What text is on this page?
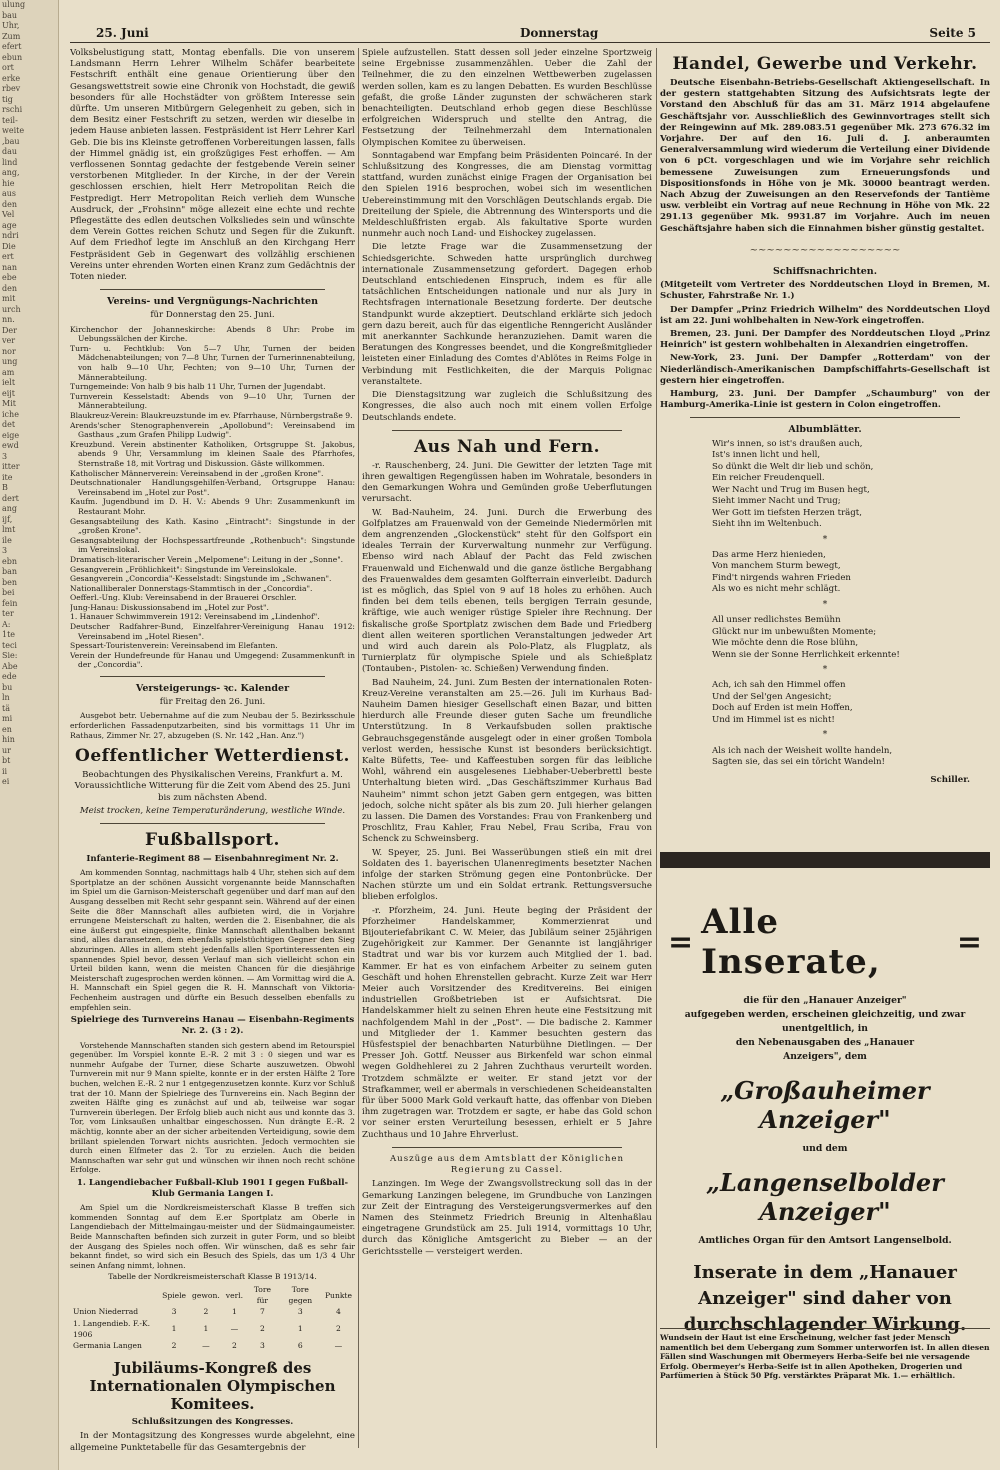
ulung
bau
Uhr,
Zum
efert
ebun
ort
erke
rbev
tig
rschi
teil-
weite
,bau
dau
lind
ang,
hie
aus
den
Vel
age
ndri
Die
ert
nan
ebe
den
mit
urch
nn.
Der
ver
nor
ung
am
ielt
eijt
Mit
iche
det
eige
ewd
3
itter
ite
B
dert
ang
ijf,
lmt
ile
3
ebn
ban
ben
bei
fein
ter
A:
1te
teci
Sie:
Abe
ede
bu
ln
tä
mi
en
hin
ur
bt
ii
ei
25. Juni	Donnerstag	Seite 5

Volksbelustigung statt, Montag ebenfalls. Die von unserem Landsmann Herrn Lehrer Wilhelm Schäfer bearbeitete Festschrift enthält eine genaue Orientierung über den Gesangswettstreit sowie eine Chronik von Hochstadt, die gewiß besonders für alle Hochstädter von größtem Interesse sein dürfte. Um unseren Mitbürgern Gelegenheit zu geben, sich in dem Besitz einer Festschrift zu setzen, werden wir dieselbe in jedem Hause anbieten lassen. Festpräsident ist Herr Lehrer Karl Geb. Die bis ins Kleinste getroffenen Vorbereitungen lassen, falls der Himmel gnädig ist, ein großzügiges Fest erhoffen. — Am verflossenen Sonntag gedachte der festgebende Verein seiner verstorbenen Mitglieder. In der Kirche, in der der Verein geschlossen erschien, hielt Herr Metropolitan Reich die Festpredigt. Herr Metropolitan Reich verlieh dem Wunsche Ausdruck, der „Frohsinn" möge allezeit eine echte und rechte Pflegestätte des edlen deutschen Volksliedes sein und wünschte dem Verein Gottes reichen Schutz und Segen für die Zukunft. Auf dem Friedhof legte im Anschluß an den Kirchgang Herr Festpräsident Geb in Gegenwart des vollzählig erschienen Vereins unter ehrenden Worten einen Kranz zum Gedächtnis der Toten nieder.

Vereins- und Vergnügungs-Nachrichten
für Donnerstag den 25. Juni.

Kirchenchor der Johanneskirche: Abends 8 Uhr: Probe im Uebungssälchen der Kirche.

Turn- u. Fechtklub: Von 5—7 Uhr, Turnen der beiden Mädchenabteilungen; von 7—8 Uhr, Turnen der Turnerinnenabteilung, von halb 9—10 Uhr, Fechten; von 9—10 Uhr, Turnen der Männerabteilung.

Turngemeinde: Von halb 9 bis halb 11 Uhr, Turnen der Jugendabt.

Turnverein Kesselstadt: Abends von 9—10 Uhr, Turnen der Männerabteilung.

Blaukreuz-Verein: Blaukreuzstunde im ev. Pfarrhause, Nürnbergstraße 9.

Arends'scher Stenographenverein „Apollobund": Vereinsabend im Gasthaus „zum Grafen Philipp Ludwig".

Kreuzbund. Verein abstinenter Katholiken, Ortsgruppe St. Jakobus, abends 9 Uhr, Versammlung im kleinen Saale des Pfarrhofes, Sternstraße 18, mit Vortrag und Diskussion. Gäste willkommen.

Katholischer Männerverein: Vereinsabend in der „großen Krone".

Deutschnationaler Handlungsgehilfen-Verband, Ortsgruppe Hanau: Vereinsabend im „Hotel zur Post".

Kaufm. Jugendbund im D. H. V.: Abends 9 Uhr: Zusammenkunft im Restaurant Mohr.

Gesangsabteilung des Kath. Kasino „Eintracht": Singstunde in der „großen Krone".

Gesangsabteilung der Hochspessartfreunde „Rothenbuch": Singstunde im Vereinslokal.

Dramatisch-literarischer Verein „Melpomene": Leitung in der „Sonne".

Gesangverein „Fröhlichkeit": Singstunde im Vereinslokale.

Gesangverein „Concordia"-Kesselstadt: Singstunde im „Schwanen".

Nationalliberaler Donnerstags-Stammtisch in der „Concordia".

Oefferl.-Ung. Klub: Vereinsabend in der Brauerei Orschler.

Jung-Hanau: Diskussionsabend im „Hotel zur Post".

1. Hanauer Schwimmverein 1912: Vereinsabend im „Lindenhof".

Deutscher Radfahrer-Bund, Einzelfahrer-Vereinigung Hanau 1912: Vereinsabend im „Hotel Riesen".

Spessart-Touristenverein: Vereinsabend im Elefanten.

Verein der Hundefreunde für Hanau und Umgegend: Zusammenkunft in der „Concordia".

Versteigerungs- ꝛc. Kalender
für Freitag den 26. Juni.

Ausgebot betr. Uebernahme auf die zum Neubau der 5. Bezirksschule erforderlichen Fassadenputzarbeiten, sind bis vormittags 11 Uhr im Rathaus, Zimmer Nr. 27, abzugeben (S. Nr. 142 „Han. Anz.")

Oeffentlicher Wetterdienst.

Beobachtungen des Physikalischen Vereins, Frankfurt a. M. Voraussichtliche Witterung für die Zeit vom Abend des 25. Juni bis zum nächsten Abend.

Meist trocken, keine Temperaturänderung, westliche Winde.

Fußballsport.
Infanterie-Regiment 88 — Eisenbahnregiment Nr. 2.

Am kommenden Sonntag, nachmittags halb 4 Uhr, stehen sich auf dem Sportplatze an der schönen Aussicht vorgenannte beide Mannschaften im Spiel um die Garnison-Meisterschaft gegenüber und darf man auf den Ausgang desselben mit Recht sehr gespannt sein. Während auf der einen Seite die 88er Mannschaft alles aufbieten wird, die in Vorjahre errungene Meisterschaft zu halten, werden die 2. Eisenbahner, die als eine äußerst gut eingespielte, flinke Mannschaft allenthalben bekannt sind, alles daransetzen, dem ebenfalls spielstüchtigen Gegner den Sieg abzuringen. Alles in allem steht jedenfalls allen Sportinteressenten ein spannendes Spiel bevor, dessen Verlauf man sich vielleicht schon ein Urteil bilden kann, wenn die meisten Chancen für die diesjährige Meisterschaft zugesprochen werden können. — Am Vormittag wird die A. H. Mannschaft ein Spiel gegen die R. H. Mannschaft von Viktoria-Fechenheim austragen und dürfte ein Besuch desselben ebenfalls zu empfehlen sein.

Spielriege des Turnvereins Hanau — Eisenbahn-Regiments Nr. 2. (3 : 2).

Vorstehende Mannschaften standen sich gestern abend im Retourspiel gegenüber. Im Vorspiel konnte E.-R. 2 mit 3 : 0 siegen und war es nunmehr Aufgabe der Turner, diese Scharte auszuwetzen. Obwohl Turnverein mit nur 9 Mann spielte, konnte er in der ersten Hälfte 2 Tore buchen, welchen E.-R. 2 nur 1 entgegenzusetzen konnte. Kurz vor Schluß trat der 10. Mann der Spielriege des Turnvereins ein. Nach Beginn der zweiten Hälfte ging es zunächst auf und ab, teilweise war sogar Turnverein überlegen. Der Erfolg blieb auch nicht aus und konnte das 3. Tor, vom Linksaußen unhaltbar eingeschossen. Nun drängte E.-R. 2 mächtig, konnte aber an der sicher arbeitenden Verteidigung, sowie dem brillant spielenden Torwart nichts ausrichten. Jedoch vermochten sie durch einen Elfmeter das 2. Tor zu erzielen. Auch die beiden Mannschaften war sehr gut und wünschen wir ihnen noch recht schöne Erfolge.

1. Langendiebacher Fußball-Klub 1901 I gegen Fußball-Klub Germania Langen I.

Am Spiel um die Nordkreismeisterschaft Klasse B treffen sich kommenden Sonntag auf dem E.er Sportplatz am Oberle in Langendiebach der Mittelmaingau-meister und der Südmaingaumeister. Beide Mannschaften befinden sich zurzeit in guter Form, und so bleibt der Ausgang des Spieles noch offen. Wir wünschen, daß es sehr fair bekannt findet, so wird sich ein Besuch des Spiels, das um 1/3 4 Uhr seinen Anfang nimmt, lohnen.

Tabelle der Nordkreismeisterschaft Klasse B 1913/14.
	Spiele	gewon.	verl.	Tore für	Tore gegen	Punkte
Union Niederrad	3	2	1	7	3	4
1. Langendieb. F.-K. 1906	1	1	—	2	1	2
Germania Langen	2	—	2	3	6	—
Jubiläums-Kongreß des Internationalen Olympischen Komitees.
Schlußsitzungen des Kongresses.

In der Montagsitzung des Kongresses wurde abgelehnt, eine allgemeine Punktetabelle für das Gesamtergebnis der

Spiele aufzustellen. Statt dessen soll jeder einzelne Sportzweig seine Ergebnisse zusammenzählen. Ueber die Zahl der Teilnehmer, die zu den einzelnen Wettbewerben zugelassen werden sollen, kam es zu langen Debatten. Es wurden Beschlüsse gefaßt, die große Länder zugunsten der schwächeren stark benachteiligten. Deutschland erhob gegen diese Beschlüsse erfolgreichen Widerspruch und stellte den Antrag, die Festsetzung der Teilnehmerzahl dem Internationalen Olympischen Komitee zu überweisen.

Sonntagabend war Empfang beim Präsidenten Poincaré. In der Schlußsitzung des Kongresses, die am Dienstag vormittag stattfand, wurden zunächst einige Fragen der Organisation bei den Spielen 1916 besprochen, wobei sich im wesentlichen Uebereinstimmung mit den Vorschlägen Deutschlands ergab. Die Dreiteilung der Spiele, die Abtrennung des Wintersports und die Meldeschlußfristen ergab. Als fakultative Sporte wurden nunmehr auch noch Land- und Eishockey zugelassen.

Die letzte Frage war die Zusammensetzung der Schiedsgerichte. Schweden hatte ursprünglich durchweg internationale Zusammensetzung gefordert. Dagegen erhob Deutschland entschiedenen Einspruch, indem es für alle tatsächlichen Entscheidungen nationale und nur als Jury in Rechtsfragen internationale Besetzung forderte. Der deutsche Standpunkt wurde akzeptiert. Deutschland erklärte sich jedoch gern dazu bereit, auch für das eigentliche Renngericht Ausländer mit anerkannter Sachkunde heranzuziehen. Damit waren die Beratungen des Kongresses beendet, und die Kongreßmitglieder leisteten einer Einladung des Comtes d'Ablötes in Reims Folge in Verbindung mit Festlichkeiten, die der Marquis Polignac veranstaltete.

Die Dienstagsitzung war zugleich die Schlußsitzung des Kongresses, die also auch noch mit einem vollen Erfolge Deutschlands endete.

Aus Nah und Fern.

-r. Rauschenberg, 24. Juni. Die Gewitter der letzten Tage mit ihren gewaltigen Regengüssen haben im Wohratale, besonders in den Gemarkungen Wohra und Gemünden große Ueberflutungen verursacht.

W. Bad-Nauheim, 24. Juni. Durch die Erwerbung des Golfplatzes am Frauenwald von der Gemeinde Niedermörlen mit dem angrenzenden „Glockenstück" steht für den Golfsport ein ideales Terrain der Kurverwaltung nunmehr zur Verfügung. Ebenso wird nach Ablauf der Pacht das Feld zwischen Frauenwald und Eichenwald und die ganze östliche Bergabhang des Frauenwaldes dem gesamten Golfterrain einverleibt. Dadurch ist es möglich, das Spiel von 9 auf 18 holes zu erhöhen. Auch finden bei dem teils ebenen, teils bergigen Terrain gesunde, kräftige, wie auch weniger rüstige Spieler ihre Rechnung. Der fiskalische große Sportplatz zwischen dem Bade und Friedberg dient allen weiteren sportlichen Veranstaltungen jedweder Art und wird auch darein als Polo-Platz, als Flugplatz, als Turnierplatz für olympische Spiele und als Schießplatz (Tontauben-, Pistolen- ꝛc. Schießen) Verwendung finden.

Bad Nauheim, 24. Juni. Zum Besten der internationalen Roten-Kreuz-Vereine veranstalten am 25.—26. Juli im Kurhaus Bad-Nauheim Damen hiesiger Gesellschaft einen Bazar, und bitten hierdurch alle Freunde dieser guten Sache um freundliche Unterstützung. In 8 Verkaufsbuden sollen praktische Gebrauchsgegenstände ausgelegt oder in einer großen Tombola verlost werden, hessische Kunst ist besonders berücksichtigt. Kalte Büfetts, Tee- und Kaffeestuben sorgen für das leibliche Wohl, während ein ausgelesenes Liebhaber-Ueberbrettl beste Unterhaltung bieten wird. „Das Geschäftszimmer Kurhaus Bad Nauheim" nimmt schon jetzt Gaben gern entgegen, was bitten jedoch, solche nicht später als bis zum 20. Juli hierher gelangen zu lassen. Die Damen des Vorstandes: Frau von Frankenberg und Proschlitz, Frau Kahler, Frau Nebel, Frau Scriba, Frau von Schenck zu Schweinsberg.

W. Speyer, 25. Juni. Bei Wasserübungen stieß ein mit drei Soldaten des 1. bayerischen Ulanenregiments besetzter Nachen infolge der starken Strömung gegen eine Pontonbrücke. Der Nachen stürzte um und ein Soldat ertrank. Rettungsversuche blieben erfolglos.

-r. Pforzheim, 24. Juni. Heute beging der Präsident der Pforzheimer Handelskammer, Kommerzienrat und Bijouteriefabrikant C. W. Meier, das Jubiläum seiner 25jährigen Zugehörigkeit zur Kammer. Der Genannte ist langjähriger Stadtrat und war bis vor kurzem auch Mitglied der 1. bad. Kammer. Er hat es von einfachem Arbeiter zu seinem guten Geschäft und hohen Ehrenstellen gebracht. Kurze Zeit war Herr Meier auch Vorsitzender des Kreditvereins. Bei einigen industriellen Großbetrieben ist er Aufsichtsrat. Die Handelskammer hielt zu seinen Ehren heute eine Festsitzung mit nachfolgendem Mahl in der „Post". — Die badische 2. Kammer und Mitglieder der 1. Kammer besuchten gestern das Hüsfestspiel der benachbarten Naturbühne Dietlingen. — Der Presser Joh. Gottf. Neusser aus Birkenfeld war schon einmal wegen Goldhehlerei zu 2 Jahren Zuchthaus verurteilt worden. Trotzdem schmälzte er weiter. Er stand jetzt vor der Strafkammer, weil er abermals in verschiedenen Scheideanstalten für über 5000 Mark Gold verkauft hatte, das offenbar von Dieben ihm zugetragen war. Trotzdem er sagte, er habe das Gold schon vor seiner ersten Verurteilung besessen, erhielt er 5 Jahre Zuchthaus und 10 Jahre Ehrverlust.

Auszüge aus dem Amtsblatt der Königlichen Regierung zu Cassel.

Lanzingen. Im Wege der Zwangsvollstreckung soll das in der Gemarkung Lanzingen belegene, im Grundbuche von Lanzingen zur Zeit der Eintragung des Versteigerungsvermerkes auf den Namen des Steinmetz Friedrich Breunig in Altenhaßlau eingetragene Grundstück am 25. Juli 1914, vormittags 10 Uhr, durch das Königliche Amtsgericht zu Bieber — an der Gerichtsstelle — versteigert werden.

Handel, Gewerbe und Verkehr.

Deutsche Eisenbahn-Betriebs-Gesellschaft Aktiengesellschaft. In der gestern stattgehabten Sitzung des Aufsichtsrats legte der Vorstand den Abschluß für das am 31. März 1914 abgelaufene Geschäftsjahr vor. Ausschließlich des Gewinnvortrages stellt sich der Reingewinn auf Mk. 289.083.51 gegenüber Mk. 273 676.32 im Vorjahre. Der auf den 16. Juli d. J. anberaumten Generalversammlung wird wiederum die Verteilung einer Dividende von 6 pCt. vorgeschlagen und wie im Vorjahre sehr reichlich bemessene Zuweisungen zum Erneuerungsfonds und Dispositionsfonds in Höhe von je Mk. 30000 beantragt werden. Nach Abzug der Zuweisungen an den Reservefonds der Tantième usw. verbleibt ein Vortrag auf neue Rechnung in Höhe von Mk. 22 291.13 gegenüber Mk. 9931.87 im Vorjahre. Auch im neuen Geschäftsjahre haben sich die Einnahmen bisher günstig gestaltet.

~~~~~~~~~~~~~~~~~~
Schiffsnachrichten.

(Mitgeteilt vom Vertreter des Norddeutschen Lloyd in Bremen, M. Schuster, Fahrstraße Nr. 1.)

Der Dampfer „Prinz Friedrich Wilhelm" des Norddeutschen Lloyd ist am 22. Juni wohlbehalten in New-York eingetroffen.

Bremen, 23. Juni. Der Dampfer des Norddeutschen Lloyd „Prinz Heinrich" ist gestern wohlbehalten in Alexandrien eingetroffen.

New-York, 23. Juni. Der Dampfer „Rotterdam" von der Niederländisch-Amerikanischen Dampfschiffahrts-Gesellschaft ist gestern hier eingetroffen.

Hamburg, 23. Juni. Der Dampfer „Schaumburg" von der Hamburg-Amerika-Linie ist gestern in Colon eingetroffen.

Albumblätter.
Wir's innen, so ist's draußen auch,
Ist's innen licht und hell,
So dünkt die Welt dir lieb und schön,
Ein reicher Freudenquell.
Wer Nacht und Trug im Busen hegt,
Sieht immer Nacht und Trug;
Wer Gott im tiefsten Herzen trägt,
Sieht ihn im Weltenbuch.
*
Das arme Herz hienieden,
Von manchem Sturm bewegt,
Find't nirgends wahren Frieden
Als wo es nicht mehr schlägt.
*
All unser redlichstes Bemühn
Glückt nur im unbewußten Momente;
Wie möchte denn die Rose blühn,
Wenn sie der Sonne Herrlichkeit erkennte!
*
Ach, ich sah den Himmel offen
Und der Sel'gen Angesicht;
Doch auf Erden ist mein Hoffen,
Und im Himmel ist es nicht!
*
Als ich nach der Weisheit wollte handeln,
Sagten sie, das sei ein töricht Wandeln!
Schiller.
= Alle Inserate,	=

die für den „Hanauer Anzeiger"

aufgegeben werden, erscheinen gleichzeitig, und zwar unentgeltlich, in

den Nebenausgaben des „Hanauer

Anzeigers", dem

„Großauheimer Anzeiger"

und dem

„Langenselbolder Anzeiger"

Amtliches Organ für den Amtsort Langenselbold.

Inserate in dem „Hanauer Anzeiger" sind daher von durchschlagender Wirkung.

Wundsein der Haut ist eine Erscheinung, welcher fast jeder Mensch namentlich bei dem Uebergang zum Sommer unterworfen ist. In allen diesen Fällen sind Waschungen mit Obermeyers Herba-Seife bei nie versagende Erfolg. Obermeyer's Herba-Seife ist in allen Apotheken, Drogerien und Parfümerien à Stück 50 Pfg. verstärktes Präparat Mk. 1.— erhältlich.
